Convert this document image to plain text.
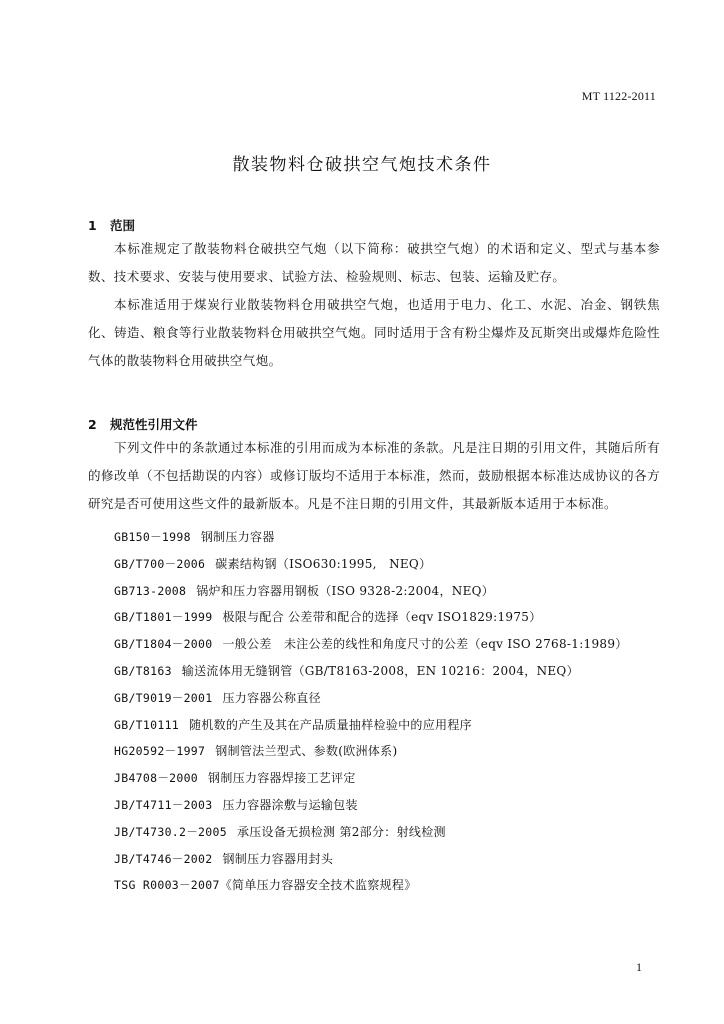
MT 1122-2011
散装物料仓破拱空气炮技术条件
1 范围
本标准规定了散装物料仓破拱空气炮（以下简称：破拱空气炮）的术语和定义、型式与基本参数、技术要求、安装与使用要求、试验方法、检验规则、标志、包装、运输及贮存。
本标准适用于煤炭行业散装物料仓用破拱空气炮，也适用于电力、化工、水泥、冶金、钢铁焦化、铸造、粮食等行业散装物料仓用破拱空气炮。同时适用于含有粉尘爆炸及瓦斯突出或爆炸危险性气体的散装物料仓用破拱空气炮。
2 规范性引用文件
下列文件中的条款通过本标准的引用而成为本标准的条款。凡是注日期的引用文件，其随后所有的修改单（不包括勘误的内容）或修订版均不适用于本标准，然而，鼓励根据本标准达成协议的各方研究是否可使用这些文件的最新版本。凡是不注日期的引用文件，其最新版本适用于本标准。
GB150－1998 钢制压力容器
GB/T700－2006 碳素结构钢（ISO630:1995,　NEQ）
GB713-2008 锅炉和压力容器用钢板（ISO 9328-2:2004，NEQ）
GB/T1801－1999 极限与配合 公差带和配合的选择（eqv ISO1829:1975）
GB/T1804－2000 一般公差　未注公差的线性和角度尺寸的公差（eqv ISO 2768-1:1989）
GB/T8163 输送流体用无缝钢管（GB/T8163-2008，EN 10216：2004，NEQ）
GB/T9019－2001 压力容器公称直径
GB/T10111 随机数的产生及其在产品质量抽样检验中的应用程序
HG20592－1997 钢制管法兰型式、参数(欧洲体系)
JB4708－2000 钢制压力容器焊接工艺评定
JB/T4711－2003 压力容器涂敷与运输包装
JB/T4730.2－2005 承压设备无损检测 第2部分：射线检测
JB/T4746－2002 钢制压力容器用封头
TSG R0003－2007《简单压力容器安全技术监察规程》
1
